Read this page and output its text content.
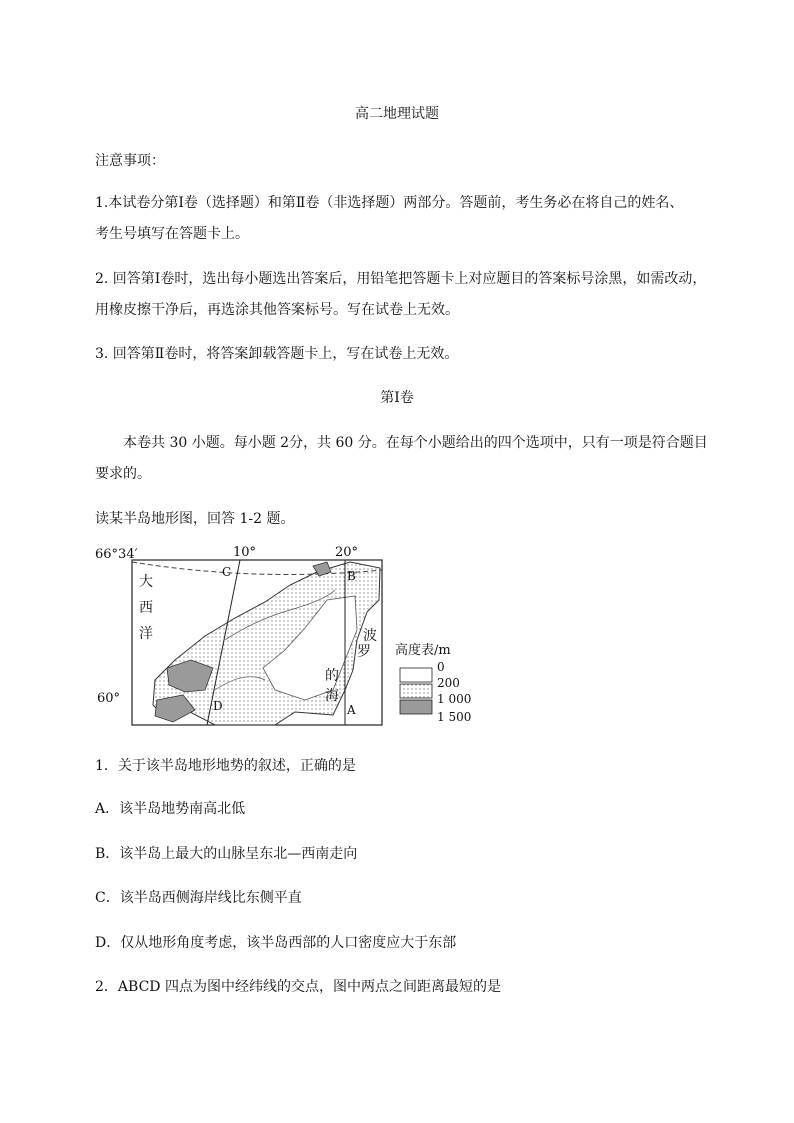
高二地理试题
注意事项：
1.本试卷分第Ⅰ卷（选择题）和第Ⅱ卷（非选择题）两部分。答题前，考生务必在将自己的姓名、
考生号填写在答题卡上。
2. 回答第Ⅰ卷时，选出每小题选出答案后，用铅笔把答题卡上对应题目的答案标号涂黑，如需改动，
用橡皮擦干净后，再选涂其他答案标号。写在试卷上无效。
3. 回答第Ⅱ卷时，将答案卸载答题卡上，写在试卷上无效。
第Ⅰ卷
本卷共 30 小题。每小题 2分，共 60 分。在每个小题给出的四个选项中，只有一项是符合题目
要求的。
读某半岛地形图，回答 1-2 题。
66°34′
60°
10°	20°
A
B
C
D
大
西
洋	波
罗
的
海
高度表/m
0
200
1 000
1 500
1．关于该半岛地形地势的叙述，正确的是
A．该半岛地势南高北低
B．该半岛上最大的山脉呈东北—西南走向
C．该半岛西侧海岸线比东侧平直
D．仅从地形角度考虑，该半岛西部的人口密度应大于东部
2．ABCD 四点为图中经纬线的交点，图中两点之间距离最短的是
